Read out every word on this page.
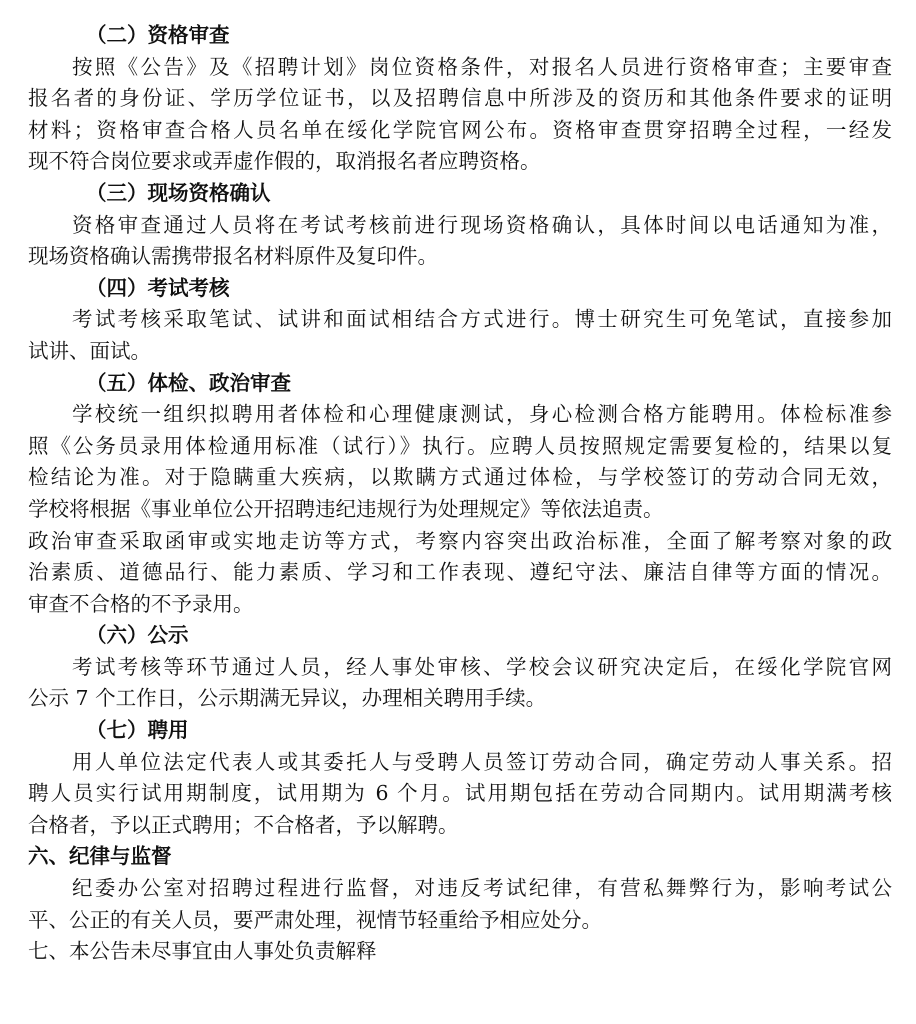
（二）资格审查
按照《公告》及《招聘计划》岗位资格条件，对报名人员进行资格审查；主要审查
报名者的身份证、学历学位证书，以及招聘信息中所涉及的资历和其他条件要求的证明
材料；资格审查合格人员名单在绥化学院官网公布。资格审查贯穿招聘全过程，一经发
现不符合岗位要求或弄虚作假的，取消报名者应聘资格。
（三）现场资格确认
资格审查通过人员将在考试考核前进行现场资格确认，具体时间以电话通知为准，
现场资格确认需携带报名材料原件及复印件。
（四）考试考核
考试考核采取笔试、试讲和面试相结合方式进行。博士研究生可免笔试，直接参加
试讲、面试。
（五）体检、政治审查
学校统一组织拟聘用者体检和心理健康测试，身心检测合格方能聘用。体检标准参
照《公务员录用体检通用标准（试行）》执行。应聘人员按照规定需要复检的，结果以复
检结论为准。对于隐瞒重大疾病，以欺瞒方式通过体检，与学校签订的劳动合同无效，
学校将根据《事业单位公开招聘违纪违规行为处理规定》等依法追责。
政治审查采取函审或实地走访等方式，考察内容突出政治标准，全面了解考察对象的政
治素质、道德品行、能力素质、学习和工作表现、遵纪守法、廉洁自律等方面的情况。
审查不合格的不予录用。
（六）公示
考试考核等环节通过人员，经人事处审核、学校会议研究决定后，在绥化学院官网
公示 7 个工作日，公示期满无异议，办理相关聘用手续。
（七）聘用
用人单位法定代表人或其委托人与受聘人员签订劳动合同，确定劳动人事关系。招
聘人员实行试用期制度，试用期为 6 个月。试用期包括在劳动合同期内。试用期满考核
合格者，予以正式聘用；不合格者，予以解聘。
六、纪律与监督
纪委办公室对招聘过程进行监督，对违反考试纪律，有营私舞弊行为，影响考试公
平、公正的有关人员，要严肃处理，视情节轻重给予相应处分。
七、本公告未尽事宜由人事处负责解释
